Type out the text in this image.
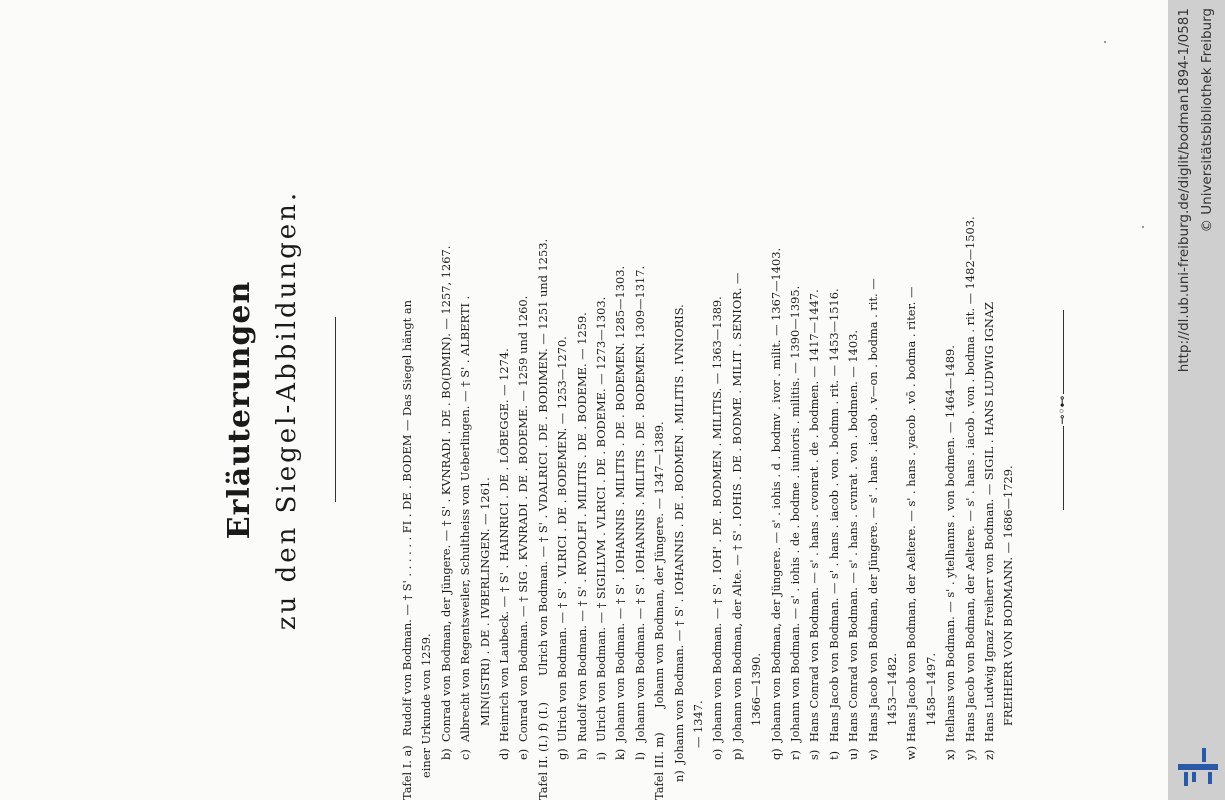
Erläuterungen zu den Siegel-Abbildungen.
Tafel I. a)
Rudolf von Bodman. — † S' . . . . . . FI . DE . BODEM — Das Siegel hängt an einer Urkunde von 1259. b)
Conrad von Bodman, der Jüngere. — † S' . KVNRADI . DE . BO(DMIN). — 1257, 1267.
c)
Albrecht von Regentsweiler, Schultheiss von Ueberlingen. — † S' . ALBERTI . MIN(ISTRI) . DE . IVBERLINGEN. — 1261.
d)
Heinrich von Laubeck. — † S' . HAINRICI . DE . LÖBEGGE. — 1274.
e)
Conrad von Bodman. — † SIG . KVNRADI . DE . BODEME. — 1259 und 1260.
Tafel II. (I.) f) (I.)
Ulrich von Bodman. — † S' . VDALRICI . DE . BODIMEN. — 1251 und 1253.
g)
Ulrich von Bodman. — † S' . VLRICI . DE . BODEMEN. — 1253—1270.
h)
Rudolf von Bodman. — † S' . RVDOLFI . MILITIS . DE . BODEME. — 1259.
i)
Ulrich von Bodman. — † SIGILLVM . VLRICI . DE . BODEME. — 1273—1303.
k)
Johann von Bodman. — † S' . IOHANNIS . MILITIS . DE . BODEMEN. 1285—1303.
l)
Johann von Bodman. — † S' . IOHANNIS . MILITIS . DE . BODEMEN. 1309—1317.
Tafel III. m)
Johann von Bodman, der Jüngere. — 1347—1389.
n)
Johann von Bodman. — † S' . IOHANNIS . DE . BODMEN . MILITIS . IVNIORIS. — 1347.
o)
Johann von Bodman. — † S' . IOH' . DE . BODMEN . MILITIS. — 1363—1389.
p)
Johann von Bodman, der Alte. — † S' . IOHIS . DE . BODME . MILIT . SENIOR. — 1366—1390.
q)
Johann von Bodman, der Jüngere. — s' . iohis . d . bodmv . ivor . milit. — 1367—1403.
r)
Johann von Bodman. — s' . iohis . de . bodme . iunioris . militis. — 1390—1395.
s)
Hans Conrad von Bodman. — s' . hans . cvonrat . de . bodmen. — 1417—1447.
t)
Hans Jacob von Bodman. — s' . hans . iacob . von . bodmn . rit. — 1453—1516.
u)
Hans Conrad von Bodman. — s' . hans . cvnrat . von . bodmen. — 1403.
v)
Hans Jacob von Bodman, der Jüngere. — s' . hans . iacob . v—on . bodma . rit. — 1453—1482.
w)
Hans Jacob von Bodman, der Aeltere. — s' . hans . yacob . vō . bodma . riter. — 1458—1497.
x)
Itelhans von Bodman. — s' . ytelhanns . von bodmen. — 1464—1489.
y)
Hans Jacob von Bodman, der Aeltere. — s' . hans . iacob . von . bodma . rit. — 1482—1503.
z)
Hans Ludwig Ignaz Freiherr von Bodman. — SIGIL . HANS LUDWIG IGNAZ FREIHERR VON BODMANN. — 1686—1729.
⊸◦⊷
http://dl.ub.uni-freiburg.de/diglit/bodman1894-1/0581 © Universitätsbibliothek Freiburg
